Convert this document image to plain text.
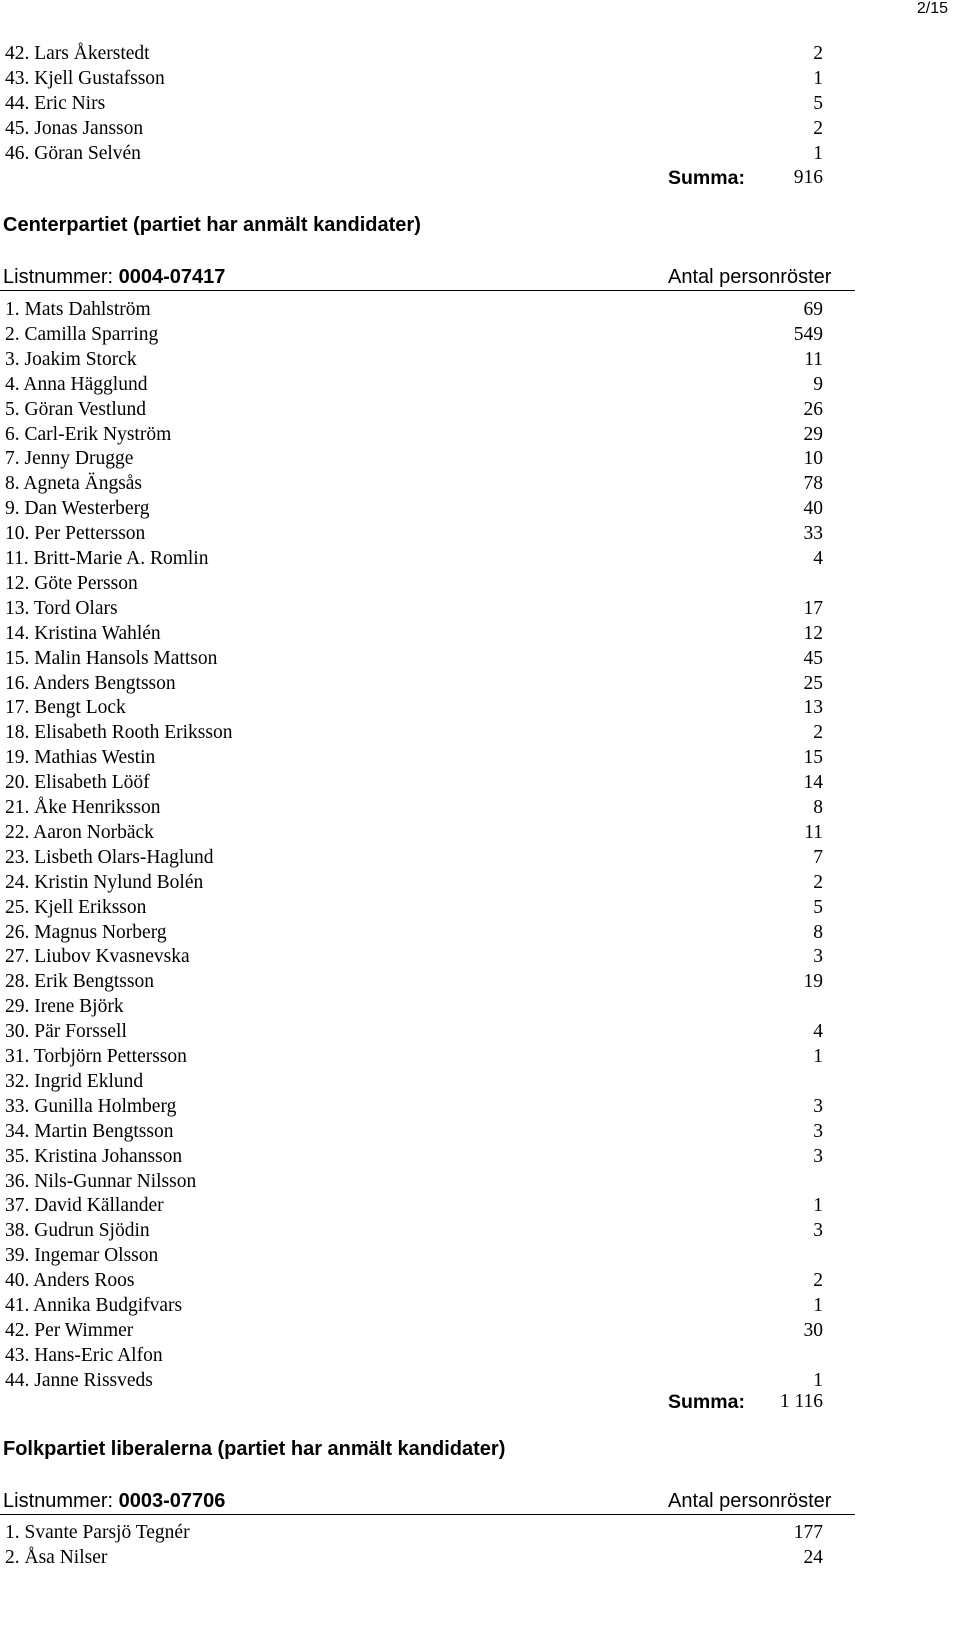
2/15
42. Lars Åkerstedt	2
43. Kjell Gustafsson	1
44. Eric Nirs	5
45. Jonas Jansson	2
46. Göran Selvén	1
Summa:	916
Centerpartiet (partiet har anmält kandidater)
Listnummer: 0004-07417	Antal personröster
1. Mats Dahlström	69
2. Camilla Sparring	549
3. Joakim Storck	11
4. Anna Hägglund	9
5. Göran Vestlund	26
6. Carl-Erik Nyström	29
7. Jenny Drugge	10
8. Agneta Ängsås	78
9. Dan Westerberg	40
10. Per Pettersson	33
11. Britt-Marie A. Romlin	4
12. Göte Persson
13. Tord Olars	17
14. Kristina Wahlén	12
15. Malin Hansols Mattson	45
16. Anders Bengtsson	25
17. Bengt Lock	13
18. Elisabeth Rooth Eriksson	2
19. Mathias Westin	15
20. Elisabeth Lööf	14
21. Åke Henriksson	8
22. Aaron Norbäck	11
23. Lisbeth Olars-Haglund	7
24. Kristin Nylund Bolén	2
25. Kjell Eriksson	5
26. Magnus Norberg	8
27. Liubov Kvasnevska	3
28. Erik Bengtsson	19
29. Irene Björk
30. Pär Forssell	4
31. Torbjörn Pettersson	1
32. Ingrid Eklund
33. Gunilla Holmberg	3
34. Martin Bengtsson	3
35. Kristina Johansson	3
36. Nils-Gunnar Nilsson
37. David Källander	1
38. Gudrun Sjödin	3
39. Ingemar Olsson
40. Anders Roos	2
41. Annika Budgifvars	1
42. Per Wimmer	30
43. Hans-Eric Alfon
44. Janne Rissveds	1
Summa: 1 116
Folkpartiet liberalerna (partiet har anmält kandidater)
Listnummer: 0003-07706	Antal personröster
1. Svante Parsjö Tegnér	177
2. Åsa Nilser	24
